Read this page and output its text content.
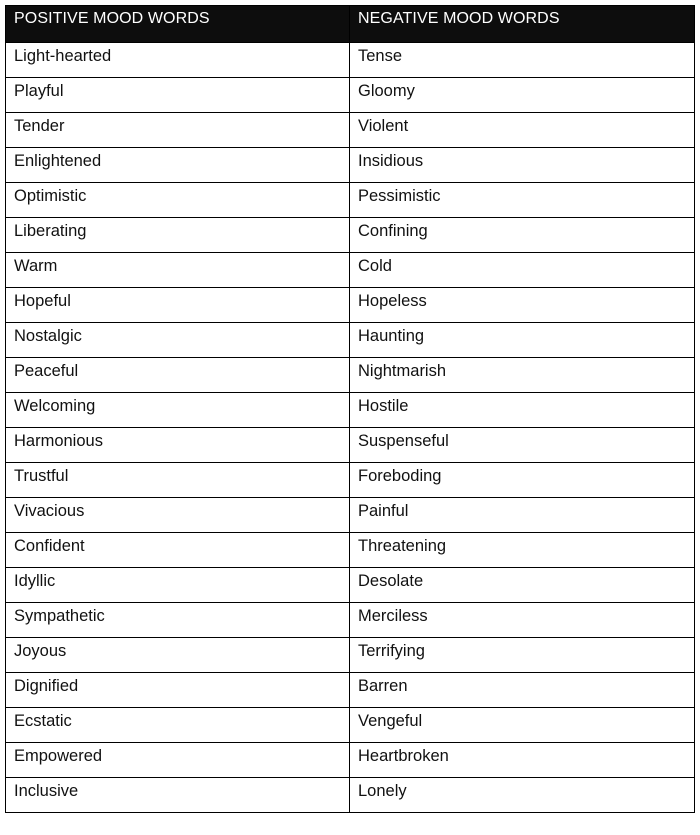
POSITIVE MOOD WORDS	NEGATIVE MOOD WORDS
Light-hearted	Tense
Playful	Gloomy
Tender	Violent
Enlightened	Insidious
Optimistic	Pessimistic
Liberating	Confining
Warm	Cold
Hopeful	Hopeless
Nostalgic	Haunting
Peaceful	Nightmarish
Welcoming	Hostile
Harmonious	Suspenseful
Trustful	Foreboding
Vivacious	Painful
Confident	Threatening
Idyllic	Desolate
Sympathetic	Merciless
Joyous	Terrifying
Dignified	Barren
Ecstatic	Vengeful
Empowered	Heartbroken
Inclusive	Lonely
